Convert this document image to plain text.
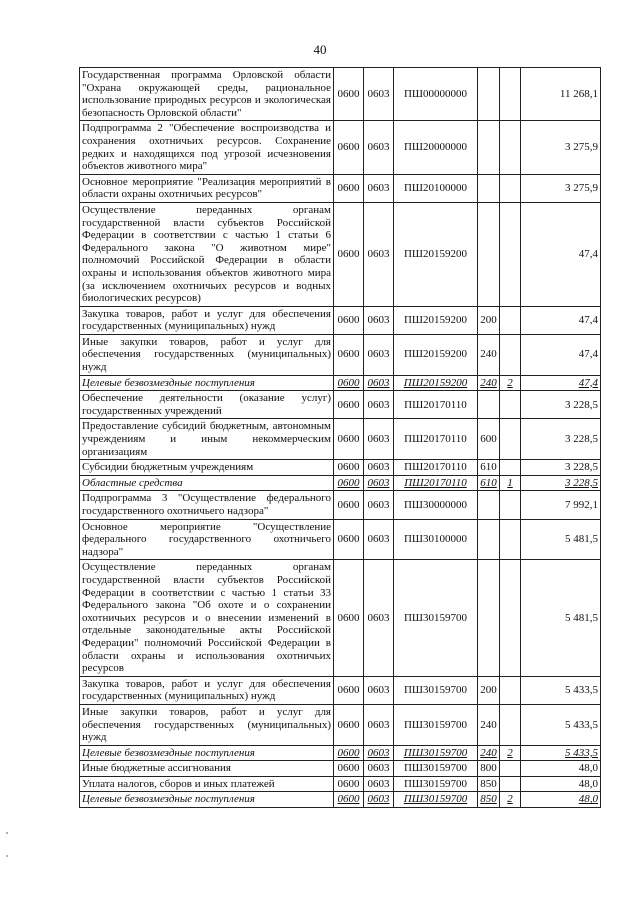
40
Государственная программа Орловской области "Охрана окружающей среды, рациональное использование природных ресурсов и экологическая безопасность Орловской области"	0600	0603	ПШ00000000			11 268,1
Подпрограмма 2 "Обеспечение воспроизводства и сохранения охотничьих ресурсов. Сохранение редких и находящихся под угрозой исчезновения объектов животного мира"	0600	0603	ПШ20000000			3 275,9
Основное мероприятие "Реализация мероприятий в области охраны охотничьих ресурсов"	0600	0603	ПШ20100000			3 275,9
Осуществление переданных органам государственной власти субъектов Российской Федерации в соответствии с частью 1 статьи 6 Федерального закона "О животном мире" полномочий Российской Федерации в области охраны и использования объектов животного мира (за исключением охотничьих ресурсов и водных биологических ресурсов)	0600	0603	ПШ20159200			47,4
Закупка товаров, работ и услуг для обеспечения государственных (муниципальных) нужд	0600	0603	ПШ20159200	200		47,4
Иные закупки товаров, работ и услуг для обеспечения государственных (муниципальных) нужд	0600	0603	ПШ20159200	240		47,4
Целевые безвозмездные поступления	0600	0603	ПШ20159200	240	2	47,4
Обеспечение деятельности (оказание услуг) государственных учреждений	0600	0603	ПШ20170110			3 228,5
Предоставление субсидий бюджетным, автономным учреждениям и иным некоммерческим организациям	0600	0603	ПШ20170110	600		3 228,5
Субсидии бюджетным учреждениям	0600	0603	ПШ20170110	610		3 228,5
Областные средства	0600	0603	ПШ20170110	610	1	3 228,5
Подпрограмма 3 "Осуществление федерального государственного охотничьего надзора"	0600	0603	ПШ30000000			7 992,1
Основное мероприятие "Осуществление федерального государственного охотничьего надзора"	0600	0603	ПШ30100000			5 481,5
Осуществление переданных органам государственной власти субъектов Российской Федерации в соответствии с частью 1 статьи 33 Федерального закона "Об охоте и о сохранении охотничьих ресурсов и о внесении изменений в отдельные законодательные акты Российской Федерации" полномочий Российской Федерации в области охраны и использования охотничьих ресурсов	0600	0603	ПШ30159700			5 481,5
Закупка товаров, работ и услуг для обеспечения государственных (муниципальных) нужд	0600	0603	ПШ30159700	200		5 433,5
Иные закупки товаров, работ и услуг для обеспечения государственных (муниципальных) нужд	0600	0603	ПШ30159700	240		5 433,5
Целевые безвозмездные поступления	0600	0603	ПШ30159700	240	2	5 433,5
Иные бюджетные ассигнования	0600	0603	ПШ30159700	800		48,0
Уплата налогов, сборов и иных платежей	0600	0603	ПШ30159700	850		48,0
Целевые безвозмездные поступления	0600	0603	ПШ30159700	850	2	48,0
